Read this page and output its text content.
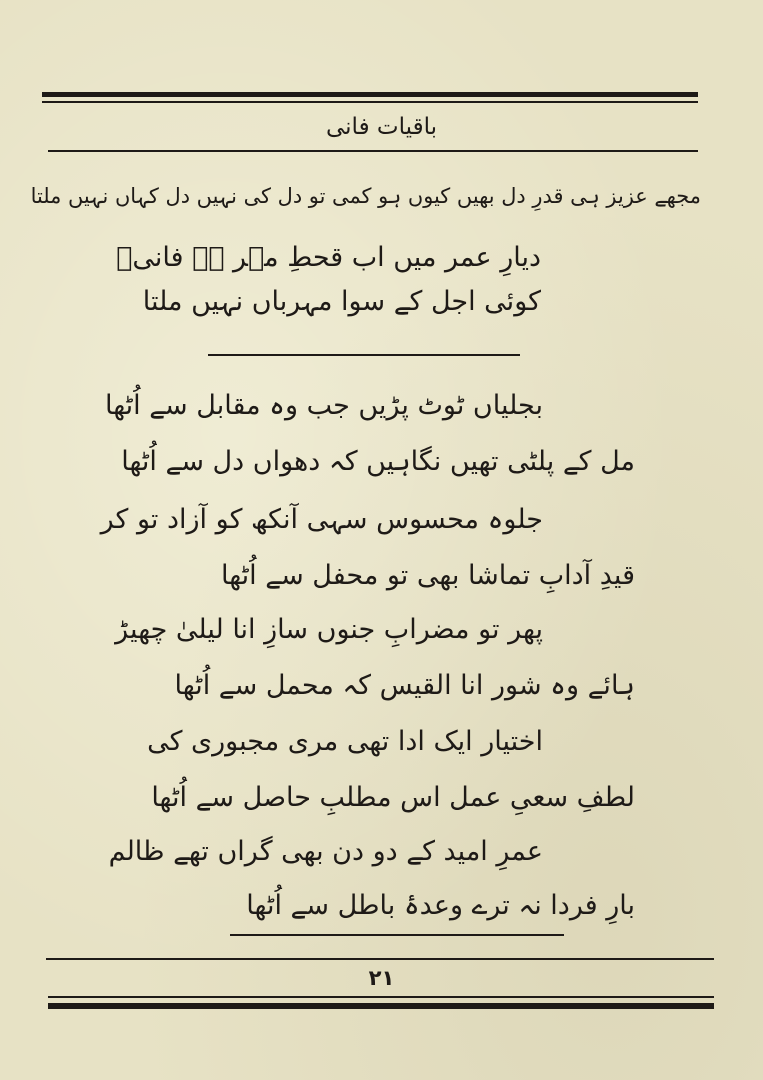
باقیات فانی
مجھے عزیز ہی قدرِ دل بھیں کیوں ہو کمی تو دل کی نہیں دل کہاں نہیں ملتا
دیارِ عمر میں اب قحطِ مہر ہے فانیؔ
کوئی اجل کے سوا مہرباں نہیں ملتا
بجلیاں ٹوٹ پڑیں جب وہ مقابل سے اُٹھا
مل کے پلٹی تھیں نگاہیں کہ دھواں دل سے اُٹھا
جلوہ محسوس سہی آنکھ کو آزاد تو کر
قیدِ آدابِ تماشا بھی تو محفل سے اُٹھا
پھر تو مضرابِ جنوں سازِ انا لیلیٰ چھیڑ
ہائے وہ شور انا القیس کہ محمل سے اُٹھا
اختیار ایک ادا تھی مری مجبوری کی
لطفِ سعیِ عمل اس مطلبِ حاصل سے اُٹھا
عمرِ امید کے دو دن بھی گراں تھے ظالم
بارِ فردا نہ ترے وعدۂ باطل سے اُٹھا
۲۱
